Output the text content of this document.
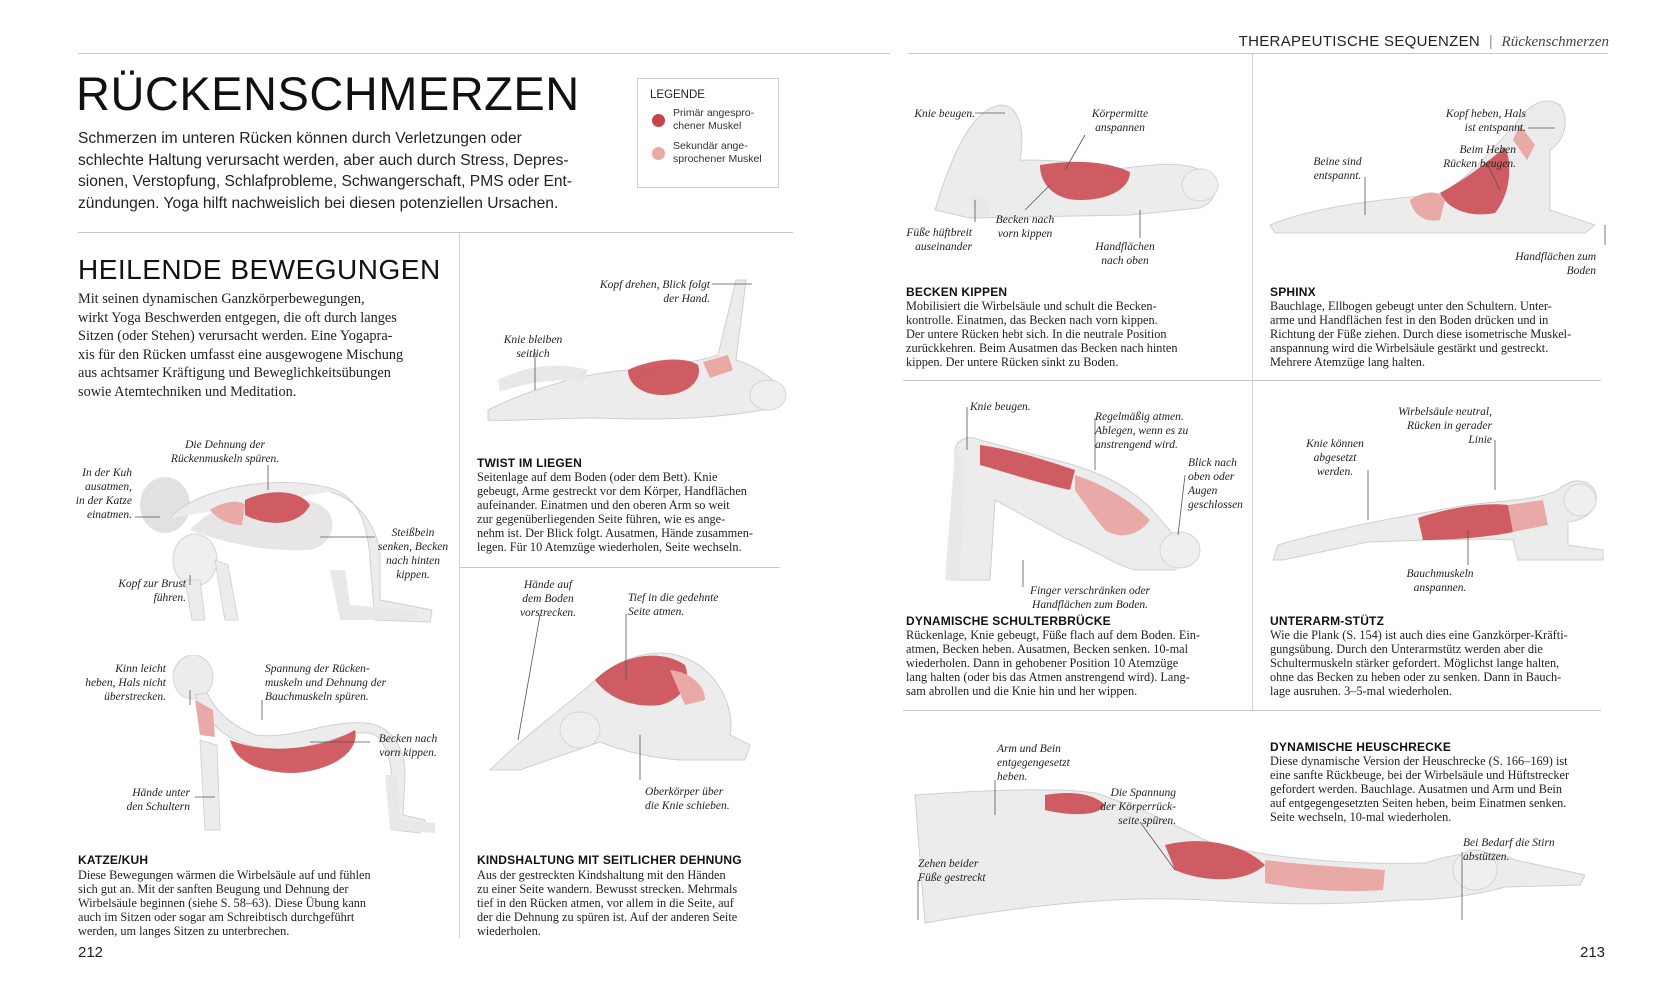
THERAPEUTISCHE SEQUENZEN | Rückenschmerzen
RÜCKENSCHMERZEN
Schmerzen im unteren Rücken können durch Verletzungen oder
schlechte Haltung verursacht werden, aber auch durch Stress, Depres-
sionen, Verstopfung, Schlafprobleme, Schwangerschaft, PMS oder Ent-
zündungen. Yoga hilft nachweislich bei diesen potenziellen Ursachen.
LEGENDE
Primär angespro-
chener Muskel
Sekundär ange-
sprochener Muskel
HEILENDE BEWEGUNGEN
Mit seinen dynamischen Ganzkörperbewegungen,
wirkt Yoga Beschwerden entgegen, die oft durch langes
Sitzen (oder Stehen) verursacht werden. Eine Yogapra-
xis für den Rücken umfasst eine ausgewogene Mischung
aus achtsamer Kräftigung und Beweglichkeitsübungen
sowie Atemtechniken und Meditation.
Die Dehnung der
Rückenmuskeln spüren.
In der Kuh
ausatmen,
in der Katze
einatmen.
Steißbein
senken, Becken
nach hinten
kippen.
Kopf zur Brust
führen.
Kinn leicht
heben, Hals nicht
überstrecken.
Spannung der Rücken-
muskeln und Dehnung der
Bauchmuskeln spüren.
Becken nach
vorn kippen.
Hände unter
den Schultern
KATZE/KUH
Diese Bewegungen wärmen die Wirbelsäule auf und fühlen
sich gut an. Mit der sanften Beugung und Dehnung der
Wirbelsäule beginnen (siehe S. 58–63). Diese Übung kann
auch im Sitzen oder sogar am Schreibtisch durchgeführt
werden, um langes Sitzen zu unterbrechen.
Kopf drehen, Blick folgt
der Hand.
Knie bleiben
seitlich
TWIST IM LIEGEN
Seitenlage auf dem Boden (oder dem Bett). Knie
gebeugt, Arme gestreckt vor dem Körper, Handflächen
aufeinander. Einatmen und den oberen Arm so weit
zur gegenüberliegenden Seite führen, wie es ange-
nehm ist. Der Blick folgt. Ausatmen, Hände zusammen-
legen. Für 10 Atemzüge wiederholen, Seite wechseln.
Hände auf
dem Boden
vorstrecken.
Tief in die gedehnte
Seite atmen.
Oberkörper über
die Knie schieben.
KINDSHALTUNG MIT SEITLICHER DEHNUNG
Aus der gestreckten Kindshaltung mit den Händen
zu einer Seite wandern. Bewusst strecken. Mehrmals
tief in den Rücken atmen, vor allem in die Seite, auf
der die Dehnung zu spüren ist. Auf der anderen Seite
wiederholen.
212
Knie beugen.	Körpermitte
anspannen
Becken nach
vorn kippen
Füße hüftbreit
auseinander	Handflächen
nach oben
BECKEN KIPPEN
Mobilisiert die Wirbelsäule und schult die Becken-
kontrolle. Einatmen, das Becken nach vorn kippen.
Der untere Rücken hebt sich. In die neutrale Position
zurückkehren. Beim Ausatmen das Becken nach hinten
kippen. Der untere Rücken sinkt zu Boden.
Kopf heben, Hals
ist entspannt.
Beim Heben
Rücken beugen.
Beine sind
entspannt.
Handflächen zum
Boden
SPHINX
Bauchlage, Ellbogen gebeugt unter den Schultern. Unter-
arme und Handflächen fest in den Boden drücken und in
Richtung der Füße ziehen. Durch diese isometrische Muskel-
anspannung wird die Wirbelsäule gestärkt und gestreckt.
Mehrere Atemzüge lang halten.
Knie beugen.
Regelmäßig atmen.
Ablegen, wenn es zu
anstrengend wird.
Blick nach
oben oder
Augen
geschlossen
Finger verschränken oder
Handflächen zum Boden.
DYNAMISCHE SCHULTERBRÜCKE
Rückenlage, Knie gebeugt, Füße flach auf dem Boden. Ein-
atmen, Becken heben. Ausatmen, Becken senken. 10-mal
wiederholen. Dann in gehobener Position 10 Atemzüge
lang halten (oder bis das Atmen anstrengend wird). Lang-
sam abrollen und die Knie hin und her wippen.
Wirbelsäule neutral,
Rücken in gerader
Linie
Knie können
abgesetzt
werden.
Bauchmuskeln
anspannen.
UNTERARM-STÜTZ
Wie die Plank (S. 154) ist auch dies eine Ganzkörper-Kräfti-
gungsübung. Durch den Unterarmstütz werden aber die
Schultermuskeln stärker gefordert. Möglichst lange halten,
ohne das Becken zu heben oder zu senken. Dann in Bauch-
lage ausruhen. 3–5-mal wiederholen.
Arm und Bein
entgegengesetzt
heben.
Die Spannung
der Körperrück-
seite spüren.
Bei Bedarf die Stirn
abstützen.
Zehen beider
Füße gestreckt
DYNAMISCHE HEUSCHRECKE
Diese dynamische Version der Heuschrecke (S. 166–169) ist
eine sanfte Rückbeuge, bei der Wirbelsäule und Hüftstrecker
gefordert werden. Bauchlage. Ausatmen und Arm und Bein
auf entgegengesetzten Seiten heben, beim Einatmen senken.
Seite wechseln, 10-mal wiederholen.
213
